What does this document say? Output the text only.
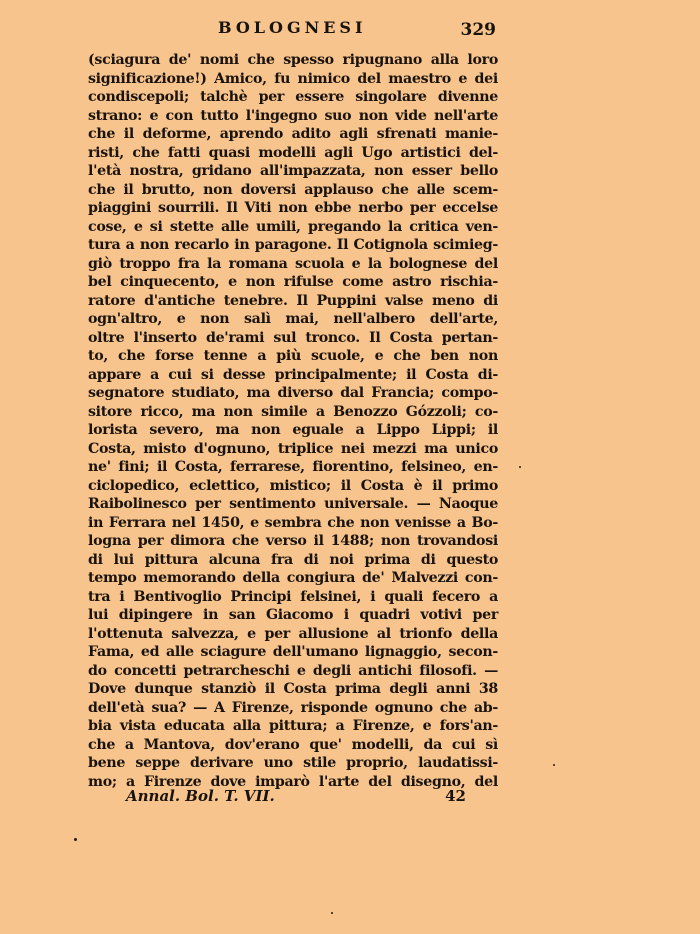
BOLOGNESI	329
(sciagura de' nomi che spesso ripugnano alla loro
significazione!) Amico, fu nimico del maestro e dei
condiscepoli; talchè per essere singolare divenne
strano: e con tutto l'ingegno suo non vide nell'arte
che il deforme, aprendo adito agli sfrenati manie-
risti, che fatti quasi modelli agli Ugo artistici del-
l'età nostra, gridano all'impazzata, non esser bello
che il brutto, non doversi applauso che alle scem-
piaggini sourrili. Il Viti non ebbe nerbo per eccelse
cose, e si stette alle umili, pregando la critica ven-
tura a non recarlo in paragone. Il Cotignola scimieg-
giò troppo fra la romana scuola e la bolognese del
bel cinquecento, e non rifulse come astro rischia-
ratore d'antiche tenebre. Il Puppini valse meno di
ogn'altro, e non salì mai, nell'albero dell'arte,
oltre l'inserto de'rami sul tronco. Il Costa pertan-
to, che forse tenne a più scuole, e che ben non
appare a cui si desse principalmente; il Costa di-
segnatore studiato, ma diverso dal Francia; compo-
sitore ricco, ma non simile a Benozzo Gózzoli; co-
lorista severo, ma non eguale a Lippo Lippi; il
Costa, misto d'ognuno, triplice nei mezzi ma unico
ne' fini; il Costa, ferrarese, fiorentino, felsineo, en-
ciclopedico, eclettico, mistico; il Costa è il primo
Raibolinesco per sentimento universale. — Naoque
in Ferrara nel 1450, e sembra che non venisse a Bo-
logna per dimora che verso il 1488; non trovandosi
di lui pittura alcuna fra di noi prima di questo
tempo memorando della congiura de' Malvezzi con-
tra i Bentivoglio Principi felsinei, i quali fecero a
lui dipingere in san Giacomo i quadri votivi per
l'ottenuta salvezza, e per allusione al trionfo della
Fama, ed alle sciagure dell'umano lignaggio, secon-
do concetti petrarcheschi e degli antichi filosofi. —
Dove dunque stanziò il Costa prima degli anni 38
dell'età sua? — A Firenze, risponde ognuno che ab-
bia vista educata alla pittura; a Firenze, e fors'an-
che a Mantova, dov'erano que' modelli, da cui sì
bene seppe derivare uno stile proprio, laudatissi-
mo; a Firenze dove imparò l'arte del disegno, del
Annal. Bol. T. VII.	42
